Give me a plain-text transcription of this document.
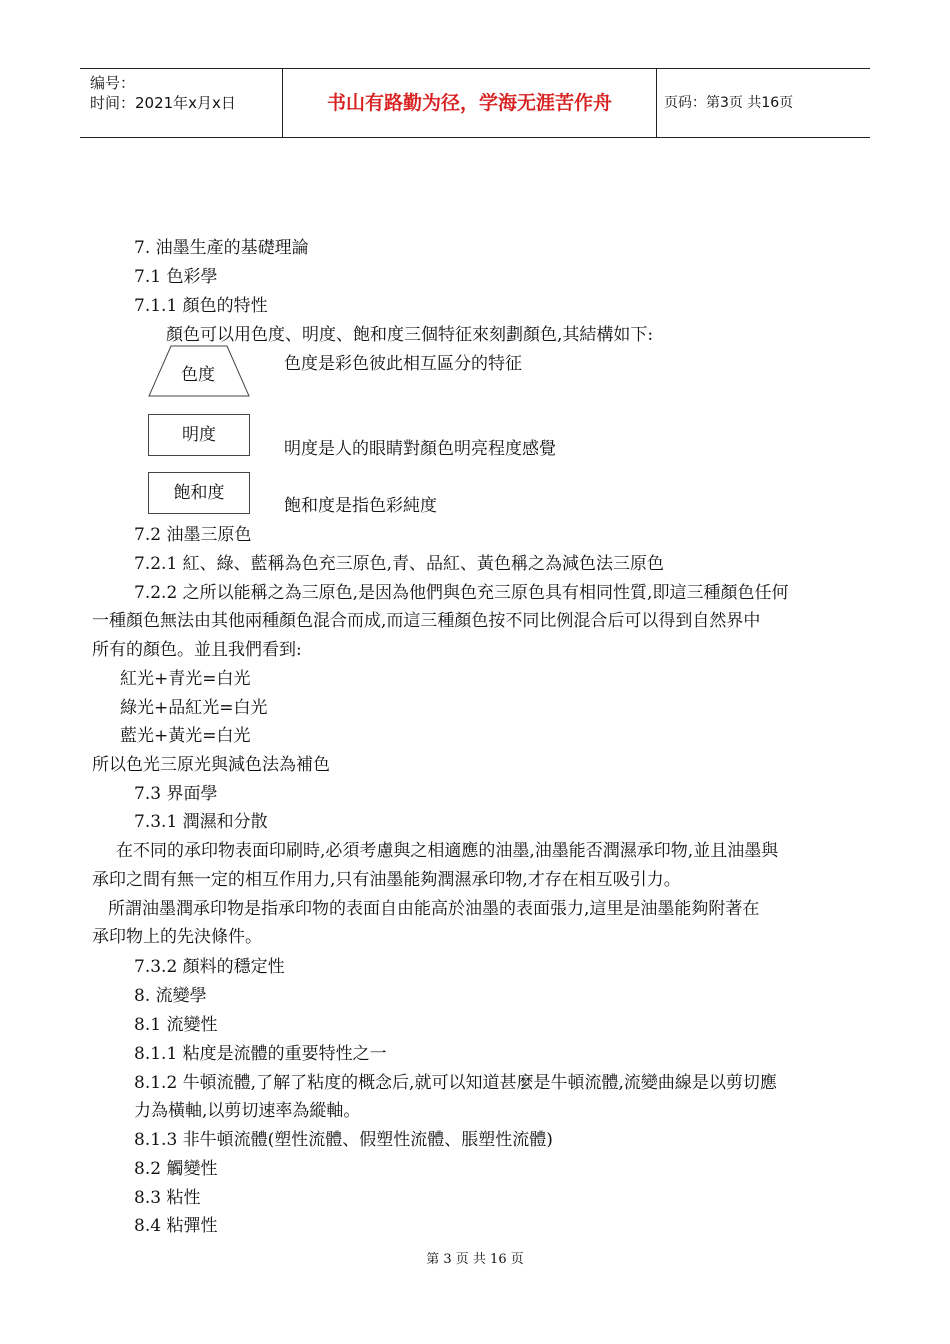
编号：
时间：2021年x月x日	书山有路勤为径，学海无涯苦作舟	页码：第3页 共16页
7. 油墨生產的基礎理論
7.1 色彩學
7.1.1 顏色的特性
顏色可以用色度、明度、飽和度三個特征來刻劃顏色,其結構如下:
色度
色度是彩色彼此相互區分的特征
明度
明度是人的眼睛對顏色明亮程度感覺
飽和度
飽和度是指色彩純度
7.2 油墨三原色
7.2.1 紅、綠、藍稱為色充三原色,青、品紅、黃色稱之為減色法三原色
7.2.2 之所以能稱之為三原色,是因為他們與色充三原色具有相同性質,即這三種顏色任何
一種顏色無法由其他兩種顏色混合而成,而這三種顏色按不同比例混合后可以得到自然界中
所有的顏色。並且我們看到:
紅光+青光=白光
綠光+品紅光=白光
藍光+黃光=白光
所以色光三原光與減色法為補色
7.3 界面學
7.3.1 潤濕和分散
在不同的承印物表面印刷時,必須考慮與之相適應的油墨,油墨能否潤濕承印物,並且油墨與
承印之間有無一定的相互作用力,只有油墨能夠潤濕承印物,才存在相互吸引力。
所謂油墨潤承印物是指承印物的表面自由能高於油墨的表面張力,這里是油墨能夠附著在
承印物上的先決條件。
7.3.2 顏料的穩定性
8. 流變學
8.1 流變性
8.1.1 粘度是流體的重要特性之一
8.1.2 牛頓流體,了解了粘度的概念后,就可以知道甚麼是牛頓流體,流變曲線是以剪切應
力為橫軸,以剪切速率為縱軸。
8.1.3 非牛頓流體(塑性流體、假塑性流體、脹塑性流體)
8.2 觸變性
8.3 粘性
8.4 粘彈性
第 3 页 共 16 页
